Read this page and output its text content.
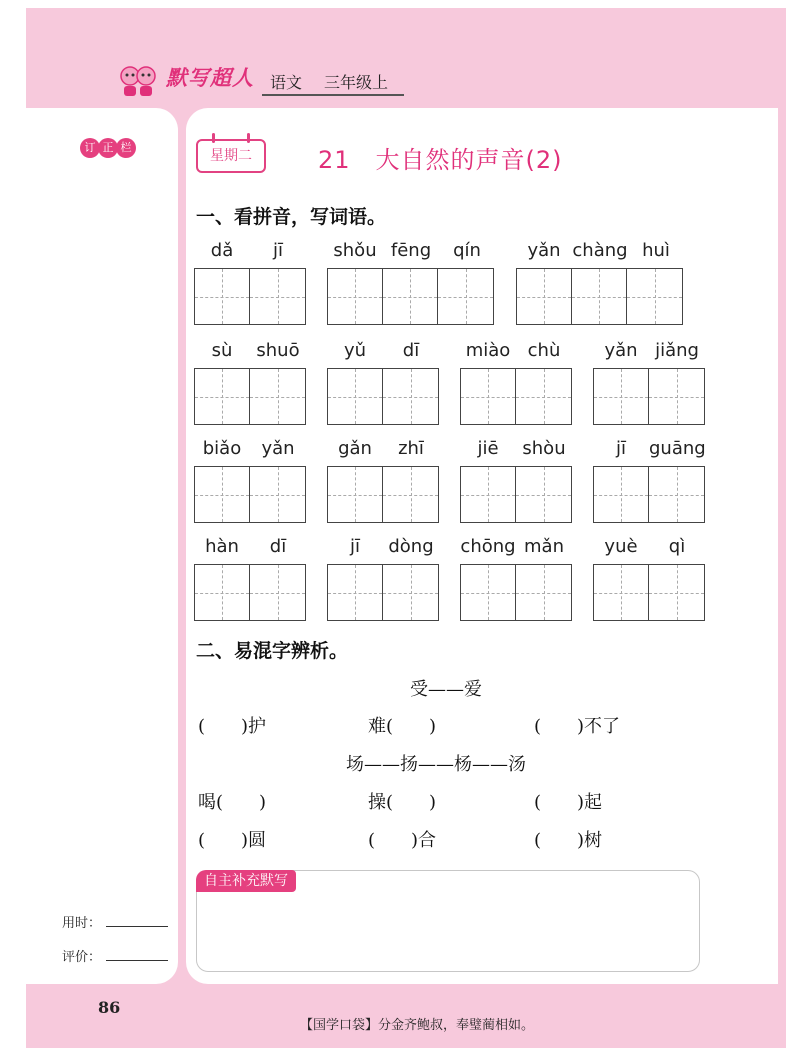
默写超人 语文 三年级上
订 正 栏
星期二	21　大自然的声音(2)
一、看拼音，写词语。
dǎ	jī	shǒu fēng	qín	yǎn chàng huì
sù	shuō	yǔ	dī	miào chù	yǎn jiǎng
biǎo	yǎn	gǎn	zhī	jiē	shòu	jī	guāng
hàn	dī	jī	dòng chōng mǎn	yuè	qì
二、易混字辨析。
受——爱
(　　)护	难(　　)	(　　)不了
场——扬——杨——汤
喝(　　)	操(　　)	(　　)起
(　　)圆	(　　)合	(　　)树
自主补充默写
用时：
评价：
86
【国学口袋】分金齐鲍叔，奉璧蔺相如。
